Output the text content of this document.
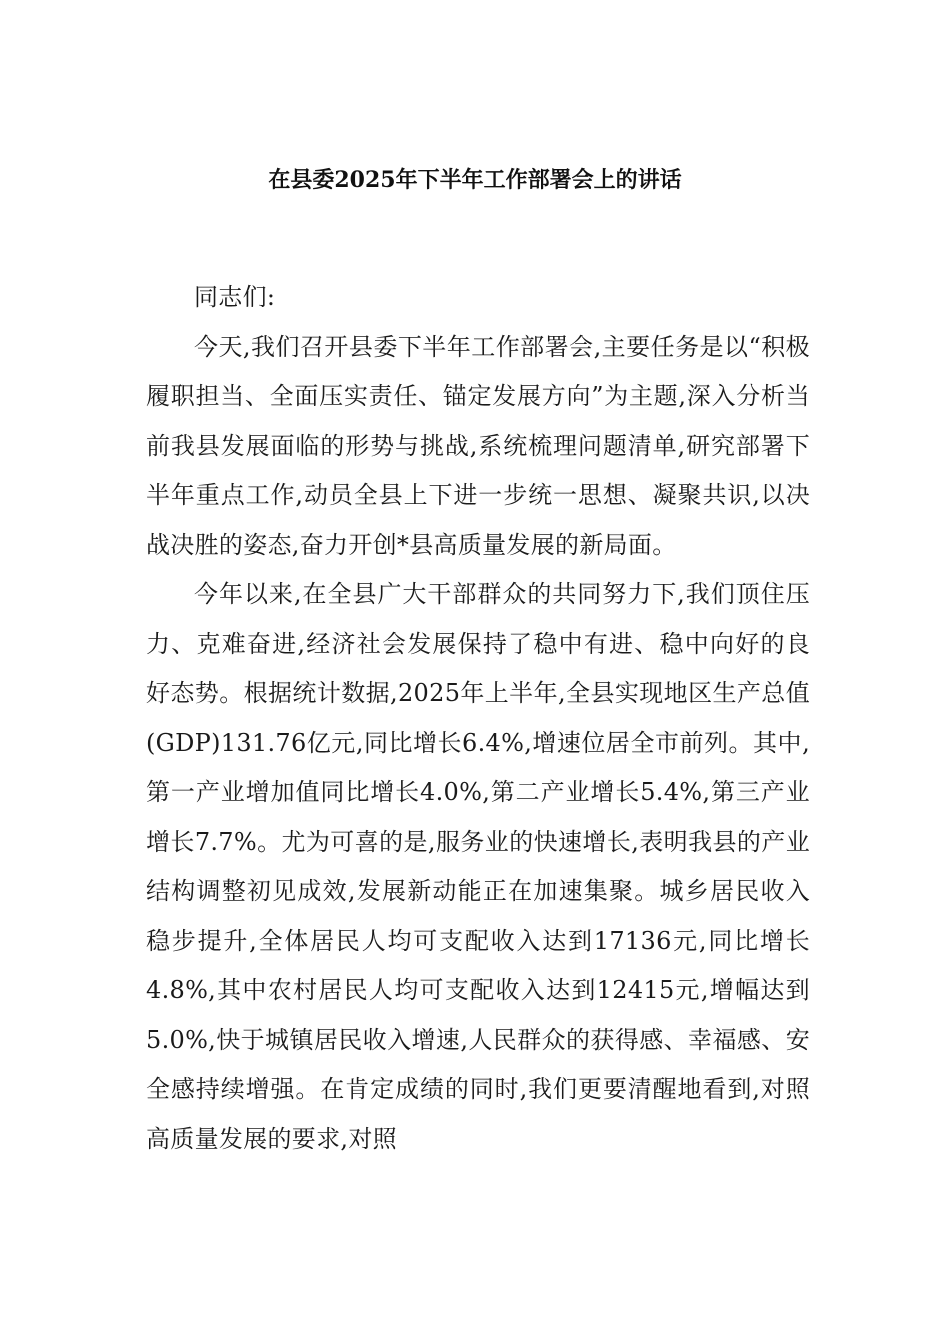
在县委2025年下半年工作部署会上的讲话

同志们:

今天,我们召开县委下半年工作部署会,主要任务是以“积极履职担当、全面压实责任、锚定发展方向”为主题,深入分析当前我县发展面临的形势与挑战,系统梳理问题清单,研究部署下半年重点工作,动员全县上下进一步统一思想、凝聚共识,以决战决胜的姿态,奋力开创*县高质量发展的新局面。

今年以来,在全县广大干部群众的共同努力下,我们顶住压力、克难奋进,经济社会发展保持了稳中有进、稳中向好的良好态势。根据统计数据,2025年上半年,全县实现地区生产总值(GDP)131.76亿元,同比增长6.4%,增速位居全市前列。其中,第一产业增加值同比增长4.0%,第二产业增长5.4%,第三产业增长7.7%。尤为可喜的是,服务业的快速增长,表明我县的产业结构调整初见成效,发展新动能正在加速集聚。城乡居民收入稳步提升,全体居民人均可支配收入达到17136元,同比增长4.8%,其中农村居民人均可支配收入达到12415元,增幅达到5.0%,快于城镇居民收入增速,人民群众的获得感、幸福感、安全感持续增强。在肯定成绩的同时,我们更要清醒地看到,对照高质量发展的要求,对照
